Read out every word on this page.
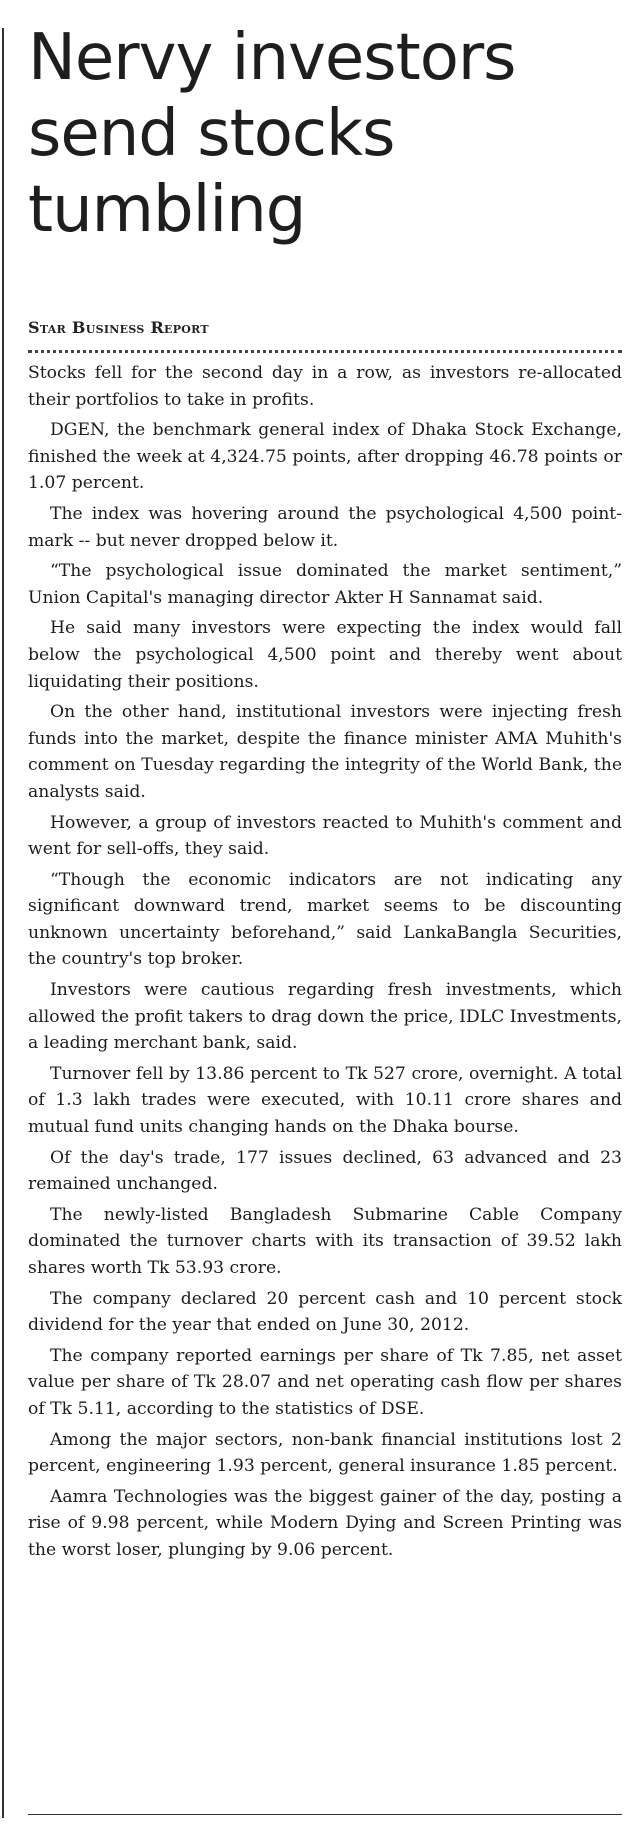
Nervy investors
send stocks
tumbling
Star Business Report

Stocks fell for the second day in a row, as investors re-allocated their portfolios to take in profits.

DGEN, the benchmark general index of Dhaka Stock Exchange, finished the week at 4,324.75 points, after dropping 46.78 points or 1.07 percent.

The index was hovering around the psychological 4,500 point-mark -- but never dropped below it.

“The psychological issue dominated the market sentiment,” Union Capital's managing director Akter H Sannamat said.

He said many investors were expecting the index would fall below the psychological 4,500 point and thereby went about liquidating their positions.

On the other hand, institutional investors were injecting fresh funds into the market, despite the finance minister AMA Muhith's comment on Tuesday regarding the integrity of the World Bank, the analysts said.

However, a group of investors reacted to Muhith's comment and went for sell-offs, they said.

“Though the economic indicators are not indicating any significant downward trend, market seems to be discounting unknown uncertainty beforehand,” said LankaBangla Securities, the country's top broker.

Investors were cautious regarding fresh investments, which allowed the profit takers to drag down the price, IDLC Investments, a leading merchant bank, said.

Turnover fell by 13.86 percent to Tk 527 crore, overnight. A total of 1.3 lakh trades were executed, with 10.11 crore shares and mutual fund units changing hands on the Dhaka bourse.

Of the day's trade, 177 issues declined, 63 advanced and 23 remained unchanged.

The newly-listed Bangladesh Submarine Cable Company dominated the turnover charts with its transaction of 39.52 lakh shares worth Tk 53.93 crore.

The company declared 20 percent cash and 10 percent stock dividend for the year that ended on June 30, 2012.

The company reported earnings per share of Tk 7.85, net asset value per share of Tk 28.07 and net operating cash flow per shares of Tk 5.11, according to the statistics of DSE.

Among the major sectors, non-bank financial institutions lost 2 percent, engineering 1.93 percent, general insurance 1.85 percent.

Aamra Technologies was the biggest gainer of the day, posting a rise of 9.98 percent, while Modern Dying and Screen Printing was the worst loser, plunging by 9.06 percent.
